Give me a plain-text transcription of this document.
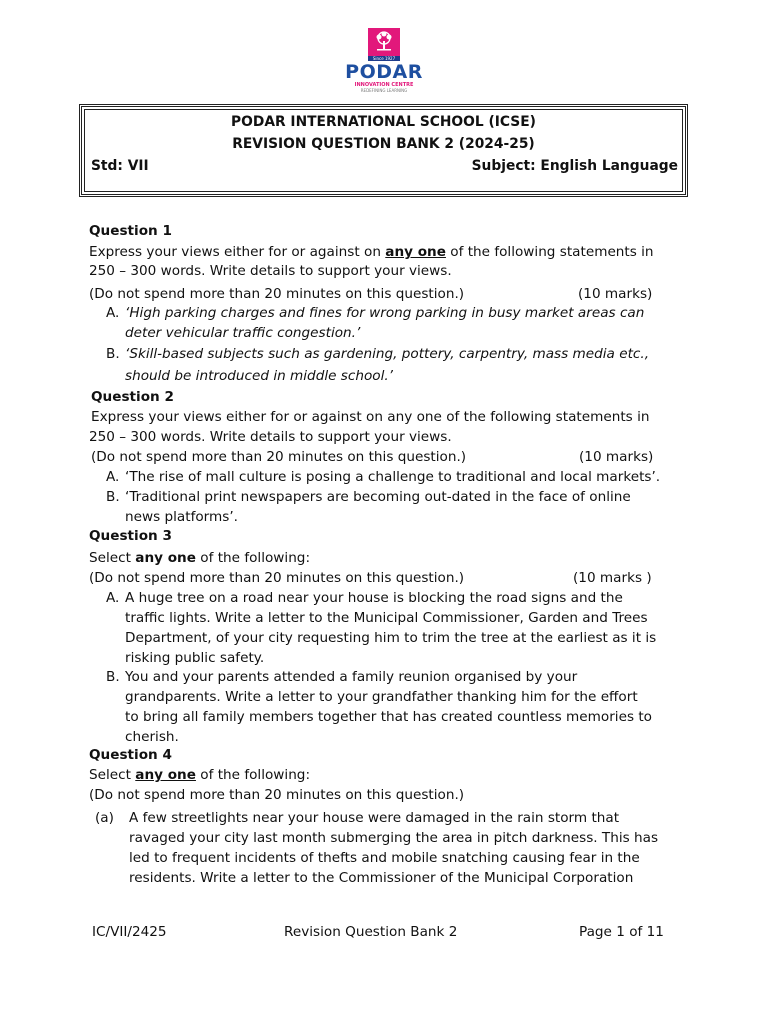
Since 1927
PODAR
INNOVATION CENTRE
REDEFINING LEARNING
PODAR INTERNATIONAL SCHOOL (ICSE)
REVISION QUESTION BANK 2 (2024-25)
Std: VII	Subject: English Language
Question 1
Express your views either for or against on any one of the following statements in
250 – 300 words. Write details to support your views.
(Do not spend more than 20 minutes on this question.)	(10 marks)
A. ‘High parking charges and fines for wrong parking in busy market areas can
deter vehicular traffic congestion.’
B. ‘Skill-based subjects such as gardening, pottery, carpentry, mass media etc.,
should be introduced in middle school.’
Question 2
Express your views either for or against on any one of the following statements in
250 – 300 words. Write details to support your views.
(Do not spend more than 20 minutes on this question.)	(10 marks)
A. ‘The rise of mall culture is posing a challenge to traditional and local markets’.
B. ‘Traditional print newspapers are becoming out-dated in the face of online
news platforms’.
Question 3
Select any one of the following:
(Do not spend more than 20 minutes on this question.)	(10 marks )
A. A huge tree on a road near your house is blocking the road signs and the
traffic lights. Write a letter to the Municipal Commissioner, Garden and Trees
Department, of your city requesting him to trim the tree at the earliest as it is
risking public safety.
B. You and your parents attended a family reunion organised by your
grandparents. Write a letter to your grandfather thanking him for the effort
to bring all family members together that has created countless memories to
cherish.
Question 4
Select any one of the following:
(Do not spend more than 20 minutes on this question.)
(a) A few streetlights near your house were damaged in the rain storm that
ravaged your city last month submerging the area in pitch darkness. This has
led to frequent incidents of thefts and mobile snatching causing fear in the
residents. Write a letter to the Commissioner of the Municipal Corporation
IC/VII/2425	Revision Question Bank 2	Page 1 of 11
